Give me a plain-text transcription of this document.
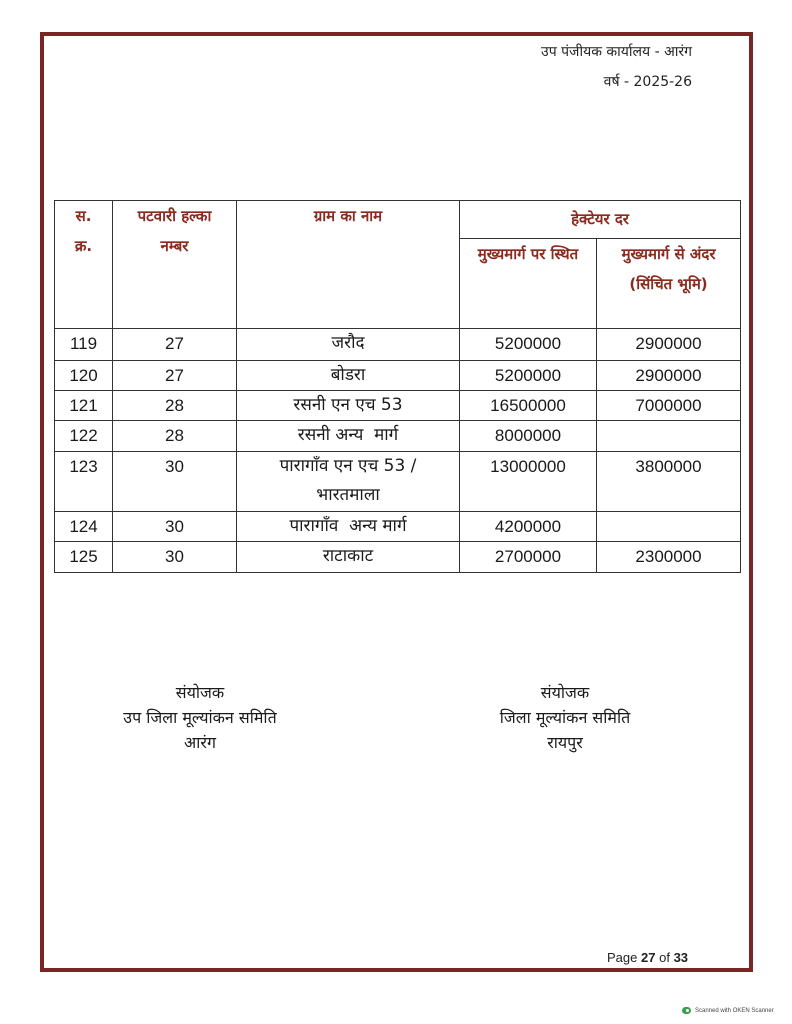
उप पंजीयक कार्यालय - आरंग
वर्ष - 2025-26
स. क्र.	पटवारी हल्का नम्बर	ग्राम का नाम	हेक्टेयर दर	
			मुख्यमार्ग पर स्थित	मुख्यमार्ग से अंदर (सिंचित भूमि)
119	27	जरौद	5200000	2900000
120	27	बोडरा	5200000	2900000
121	28	रसनी एन एच 53	16500000	7000000
122	28	रसनी अन्य  मार्ग	8000000	
123	30	पारागाँव एन एच 53 / भारतमाला	13000000	3800000
124	30	पारागाँव  अन्य मार्ग	4200000	
125	30	राटाकाट	2700000	2300000
संयोजक
उप जिला मूल्यांकन समिति
आरंग
संयोजक
जिला मूल्यांकन समिति
रायपुर
Page 27 of 33
Scanned with OKEN Scanner
